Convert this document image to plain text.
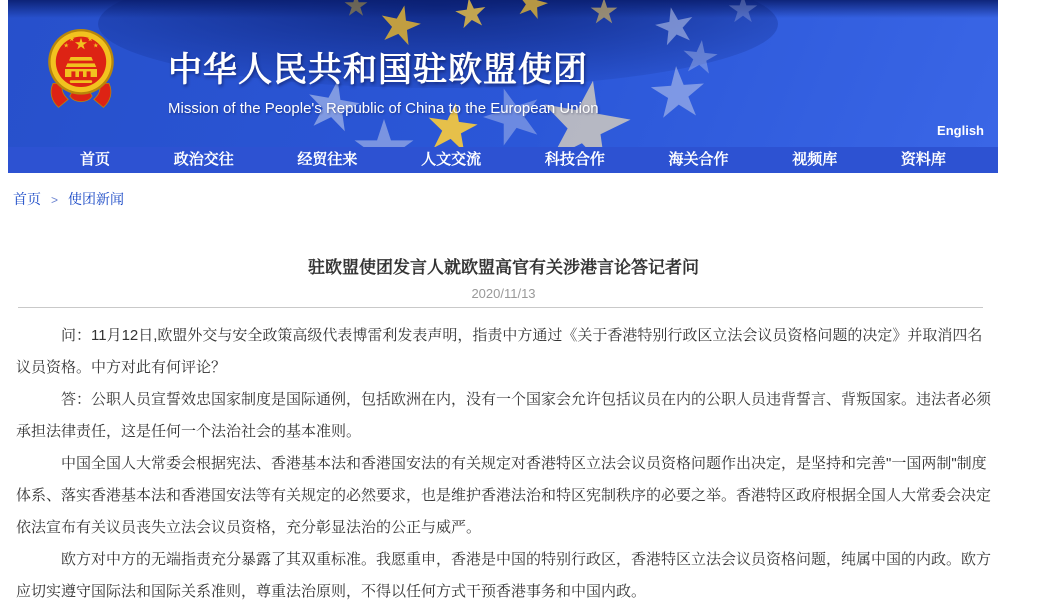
中华人民共和国驻欧盟使团
Mission of the People's Republic of China to the European Union
English
首页	政治交往	经贸往来	人文交流	科技合作	海关合作	视频库	资料库
首页 > 使团新闻
驻欧盟使团发言人就欧盟高官有关涉港言论答记者问
2020/11/13

问：11月12日,欧盟外交与安全政策高级代表博雷利发表声明，指责中方通过《关于香港特别行政区立法会议员资格问题的决定》并取消四名议员资格。中方对此有何评论？

答：公职人员宣誓效忠国家制度是国际通例，包括欧洲在内，没有一个国家会允许包括议员在内的公职人员违背誓言、背叛国家。违法者必须承担法律责任，这是任何一个法治社会的基本准则。

中国全国人大常委会根据宪法、香港基本法和香港国安法的有关规定对香港特区立法会议员资格问题作出决定，是坚持和完善"一国两制"制度体系、落实香港基本法和香港国安法等有关规定的必然要求，也是维护香港法治和特区宪制秩序的必要之举。香港特区政府根据全国人大常委会决定依法宣布有关议员丧失立法会议员资格，充分彰显法治的公正与威严。

欧方对中方的无端指责充分暴露了其双重标准。我愿重申，香港是中国的特别行政区，香港特区立法会议员资格问题，纯属中国的内政。欧方应切实遵守国际法和国际关系准则，尊重法治原则，不得以任何方式干预香港事务和中国内政。
